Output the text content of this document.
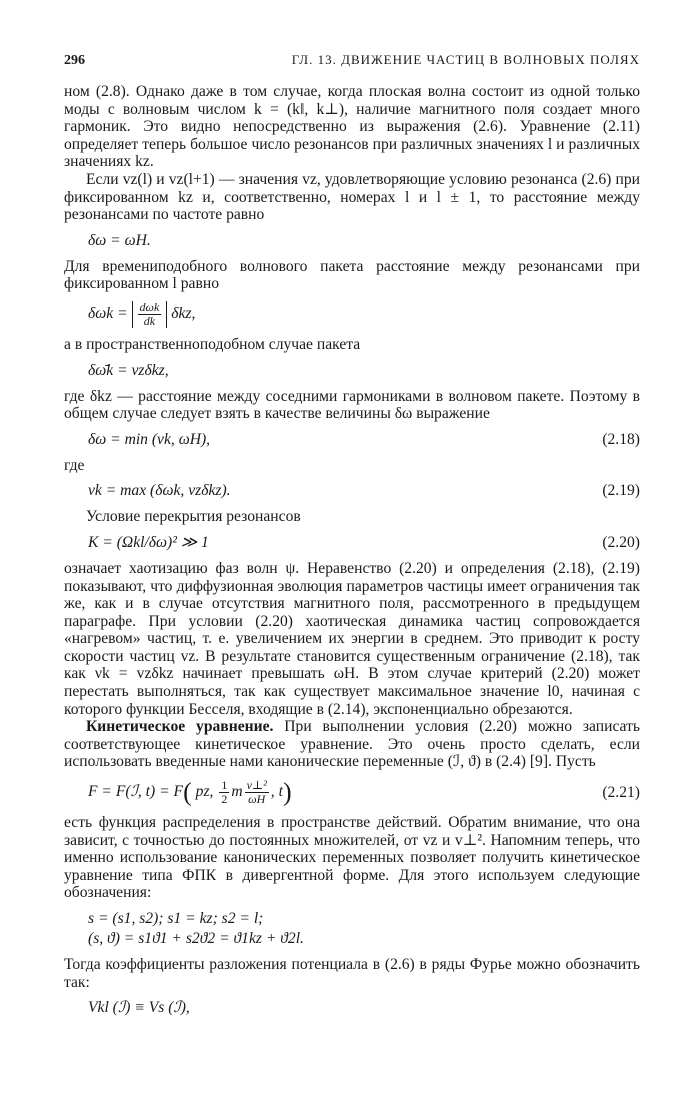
296	ГЛ. 13. ДВИЖЕНИЕ ЧАСТИЦ В ВОЛНОВЫХ ПОЛЯХ

ном (2.8). Однако даже в том случае, когда плоская волна состоит из одной только моды с волновым числом k = (k‖, k⊥), наличие магнитного поля создает много гармоник. Это видно непосредственно из выражения (2.6). Уравнение (2.11) определяет теперь большое число резонансов при различных значениях l и различных значениях kz.

Если vz(l) и vz(l+1) — значения vz, удовлетворяющие условию резонанса (2.6) при фиксированном kz и, соответственно, номерах l и l ± 1, то расстояние между резонансами по частоте равно

δω = ωH.

Для времениподобного волнового пакета расстояние между резонансами при фиксированном l равно

$\delta\omega k = \frac{\text{dωk}}{dk} \delta kz$,

а в пространственноподобном случае пакета

δω̄k = vzδkz,

где δkz — расстояние между соседними гармониками в волновом пакете. Поэтому в общем случае следует взять в качестве величины δω выражение

δω = min (νk, ωH),	(2.18)

где

νk = max (δωk, vzδkz).	(2.19)

Условие перекрытия резонансов

K = (Ωkl/δω)² ≫ 1	(2.20)

означает хаотизацию фаз волн ψ. Неравенство (2.20) и определения (2.18), (2.19) показывают, что диффузионная эволюция параметров частицы имеет ограничения так же, как и в случае отсутствия магнитного поля, рассмотренного в предыдущем параграфе. При условии (2.20) хаотическая динамика частиц сопровождается «нагревом» частиц, т. е. увеличением их энергии в среднем. Это приводит к росту скорости частиц vz. В результате становится существенным ограничение (2.18), так как νk = vzδkz начинает превышать ωH. В этом случае критерий (2.20) может перестать выполняться, так как существует максимальное значение l0, начиная с которого функции Бесселя, входящие в (2.14), экспоненциально обрезаются.

Кинетическое уравнение. При выполнении условия (2.20) можно записать соответствующее кинетическое уравнение. Это очень просто сделать, если использовать введенные нами канонические переменные (ℐ, ϑ) в (2.4) [9]. Пусть

F = F(ℐ, t) = F( pz, $\frac{1}{2}$ m $\frac{\text{v⊥²}}{\omega H}$ , t)	(2.21)

есть функция распределения в пространстве действий. Обратим внимание, что она зависит, с точностью до постоянных множителей, от vz и v⊥². Напомним теперь, что именно использование канонических переменных позволяет получить кинетическое уравнение типа ФПК в дивергентной форме. Для этого используем следующие обозначения:

s = (s1, s2); s1 = kz; s2 = l;
(s, ϑ) = s1ϑ1 + s2ϑ2 = ϑ1kz + ϑ2l.

Тогда коэффициенты разложения потенциала в (2.6) в ряды Фурье можно обозначить так:

Vkl (ℐ) ≡ Vs (ℐ),
